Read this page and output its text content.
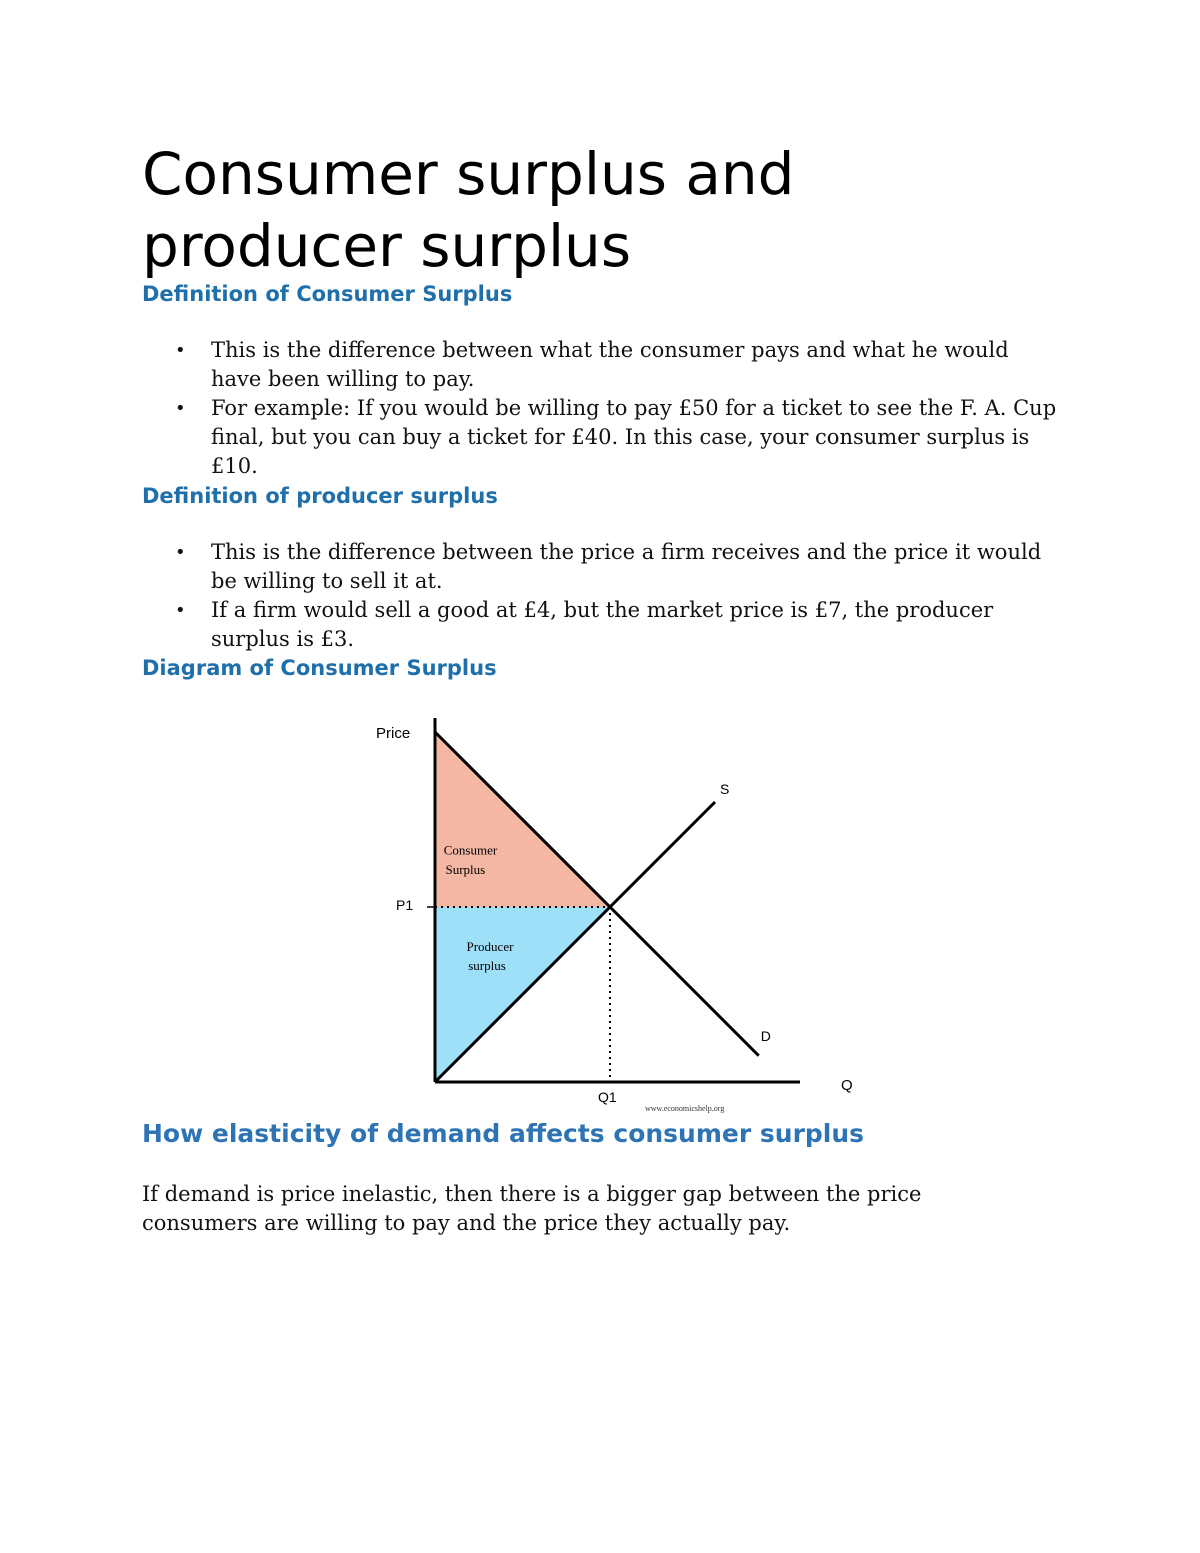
Consumer surplus and producer surplus
Definition of Consumer Surplus
• This is the difference between what the consumer pays and what he would have been willing to pay.
• For example: If you would be willing to pay £50 for a ticket to see the F. A. Cup final, but you can buy a ticket for £40. In this case, your consumer surplus is £10.
Definition of producer surplus
• This is the difference between the price a firm receives and the price it would be willing to sell it at.
• If a firm would sell a good at £4, but the market price is £7, the producer surplus is £3.
Diagram of Consumer Surplus
Price
Q
P1
Q1
S
D
Consumer
Surplus
Producer
surplus
www.economicshelp.org
How elasticity of demand affects consumer surplus

If demand is price inelastic, then there is a bigger gap between the price consumers are willing to pay and the price they actually pay.
